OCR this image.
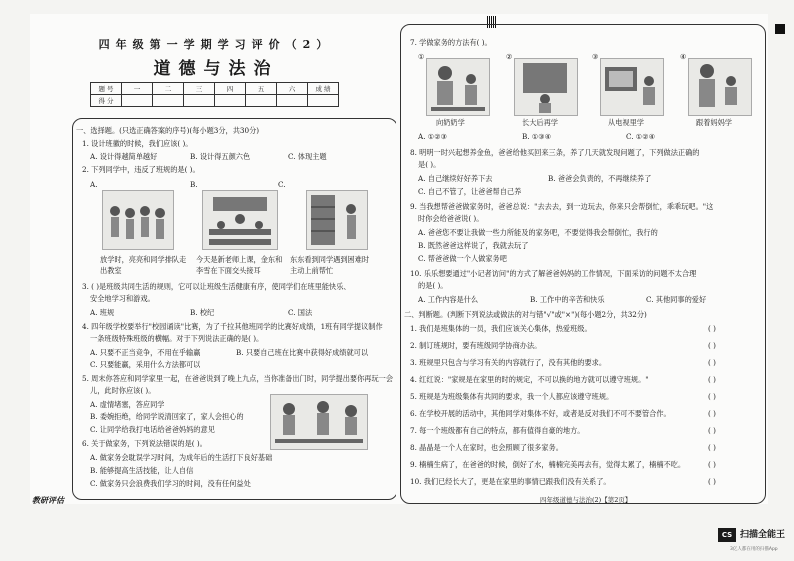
四年级第一学期学习评价（2）
道德与法治
题 号	一	二	三	四	五	六	成 绩
得 分							
一、选择题。(只选正确答案的序号)(每小题3分，共30分)
1. 设计班徽的时候，我们应该( )。
A. 设计得越简单越好	B. 设计得五颜六色	C. 体现主题
2. 下列同学中，违反了班规的是( )。
A.	B.	C.
放学时，亮亮和同学排队走
出教室
今天是新老师上课，金东和
李雪在下面交头接耳
东东看到同学遇到困难时
主动上前帮忙
3. ( )是班级共同生活的规则，它可以让班级生活健康有序，使同学们在班里能快乐、
安全地学习和游戏。
A. 班规	B. 校纪	C. 国法
4. 四年级学校要举行"校园诵读"比赛，为了千拉其他班同学的比赛好成绩，1班有同学提议制作
一条班级特殊班级的横幅。对于下列说法正确的是( )。
A. 只要不正当竞争，不用在乎输赢	B. 只要自己班在比赛中获得好成绩就可以
C. 只要能赢，采用什么方法都可以
5. 周末你答应和同学家里一起，在爸爸说到了晚上九点，当你准备出门时，同学提出要你再玩一会
儿，此时你应该( )。
A. 虚情堵塞，答应同学
B. 委婉拒绝，给同学说清回家了，家人会担心的
C. 让同学给我打电话给爸爸妈妈的意见
6. 关于做家务，下列说法错误的是( )。
A. 做家务会耽误学习时间，为成年后的生活打下良好基础
B. 能够提高生活技能，让人自信
C. 做家务只会浪费我们学习的时间，没有任何益处
7. 学做家务的方法有( )。
①	②	③	④
向奶奶学	长大后再学	从电视里学	跟着妈妈学
A. ①②③	B. ①③④	C. ①②④
8. 明明一时兴起想养金鱼，爸爸给他买回来三条，养了几天就发现问题了，下列做法正确的
是( )。
A. 自己继续好好养下去	B. 爸爸会负责的，不再继续养了
C. 自己不管了，让爸爸帮自己养
9. 当我想帮爸爸做家务时，爸爸总说："去去去，到一边玩去，你来只会帮倒忙，乖乖玩吧。"这
时你会给爸爸说( )。
A. 爸爸您不要让我做一些力所能及的家务吧，不要觉得我会帮倒忙，我行的
B. 既然爸爸这样说了，我就去玩了
C. 帮爸爸做一个人做家务吧
10. 乐乐想要通过"小记者访问"的方式了解爸爸妈妈的工作情况，下面采访的问题不太合理
的是( )。
A. 工作内容是什么	B. 工作中的辛苦和快乐	C. 其他同事的爱好
二、判断题。(判断下列说法或做法的对与错"√"或"×")(每小题2分，共32分)
1. 我们是班集体的一员，我们应该关心集体，热爱班级。	( )
2. 制订班规时，要有班级同学协商办法。	( )
3. 班规里只包含与学习有关的内容就行了，没有其他的要求。	( )
4. 红红说："家规是在家里的时的规定，不可以换的地方就可以遵守班规。"	( )
5. 班规是为班级集体有共同的要求，我一个人都应该遵守班规。	( )
6. 在学校开展的活动中，其他同学对集体不好，或者是反对我们不可不要管合作。	( )
7. 每一个班级都有自己的特点，都有值得自豪的地方。	( )
8. 晶晶是一个人在家时，也会照顾了很多家务。	( )
9. 楠楠生病了，在爸爸的时候，倒好了水，楠楠完美再去有，觉得太累了，楠楠不吃。	( )
10. 我们已经长大了，更是在家里的事情已跟我们没有关系了。	( )
教研评估	四年级道德与法治(2)【第2页】
CS 扫描全能王
3亿人都在用的扫描App
